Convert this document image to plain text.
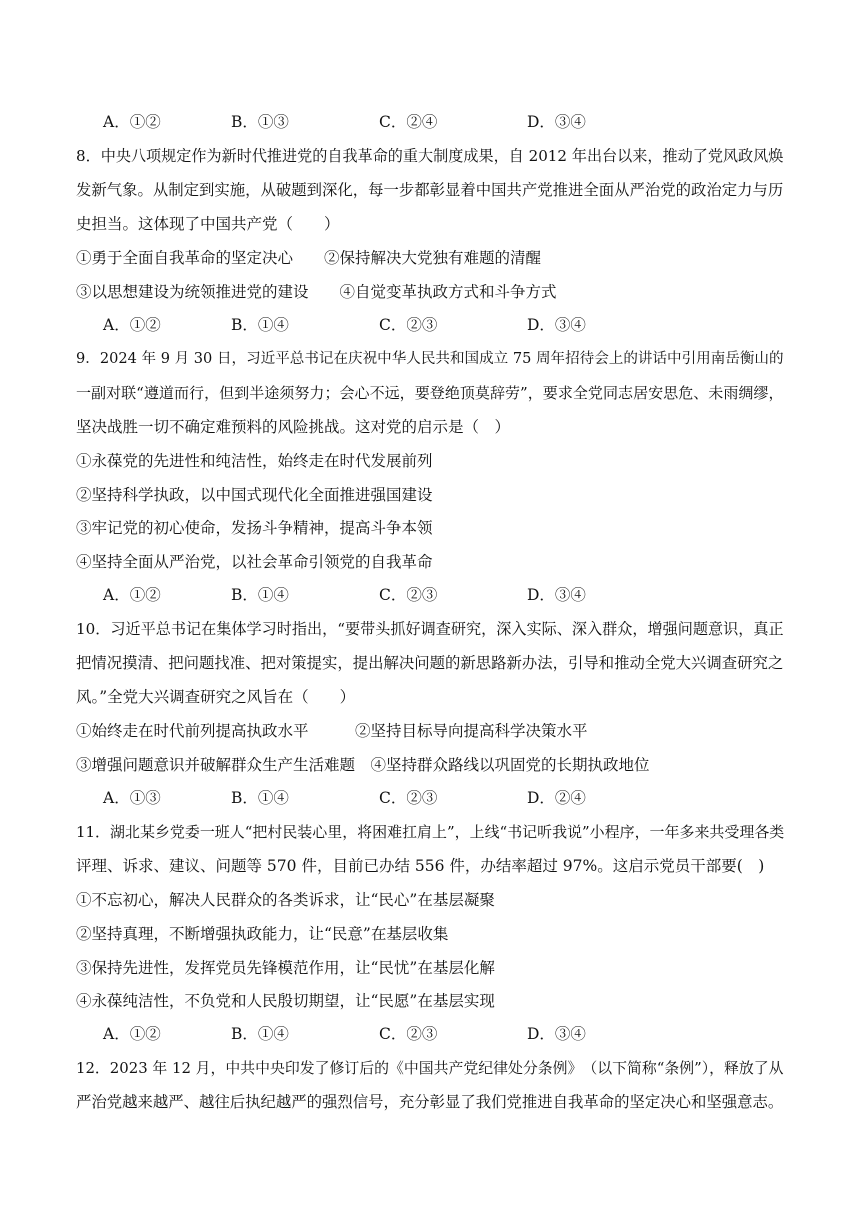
A．①②	B．①③	C．②④	D．③④
8．中央八项规定作为新时代推进党的自我革命的重大制度成果，自 2012 年出台以来，推动了党风政风焕
发新气象。从制定到实施，从破题到深化，每一步都彰显着中国共产党推进全面从严治党的政治定力与历
史担当。这体现了中国共产党（　　）
①勇于全面自我革命的坚定决心　　②保持解决大党独有难题的清醒
③以思想建设为统领推进党的建设　　④自觉变革执政方式和斗争方式
A．①②	B．①④	C．②③	D．③④
9．2024 年 9 月 30 日，习近平总书记在庆祝中华人民共和国成立 75 周年招待会上的讲话中引用南岳衡山的
一副对联“遵道而行，但到半途须努力；会心不远，要登绝顶莫辞劳”，要求全党同志居安思危、未雨绸缪，
坚决战胜一切不确定难预料的风险挑战。这对党的启示是（　）
①永葆党的先进性和纯洁性，始终走在时代发展前列
②坚持科学执政，以中国式现代化全面推进强国建设
③牢记党的初心使命，发扬斗争精神，提高斗争本领
④坚持全面从严治党，以社会革命引领党的自我革命
A．①②	B．①④	C．②③	D．③④
10．习近平总书记在集体学习时指出，“要带头抓好调查研究，深入实际、深入群众，增强问题意识，真正
把情况摸清、把问题找准、把对策提实，提出解决问题的新思路新办法，引导和推动全党大兴调查研究之
风。”全党大兴调查研究之风旨在（　　）
①始终走在时代前列提高执政水平　　　②坚持目标导向提高科学决策水平
③增强问题意识并破解群众生产生活难题　④坚持群众路线以巩固党的长期执政地位
A．①③	B．①④	C．②③	D．②④
11．湖北某乡党委一班人“把村民装心里，将困难扛肩上”，上线“书记听我说”小程序，一年多来共受理各类
评理、诉求、建议、问题等 570 件，目前已办结 556 件，办结率超过 97%。这启示党员干部要(　)
①不忘初心，解决人民群众的各类诉求，让“民心”在基层凝聚
②坚持真理，不断增强执政能力，让“民意”在基层收集
③保持先进性，发挥党员先锋模范作用，让“民忧”在基层化解
④永葆纯洁性，不负党和人民殷切期望，让“民愿”在基层实现
A．①②	B．①④	C．②③	D．③④
12．2023 年 12 月，中共中央印发了修订后的《中国共产党纪律处分条例》　（以下简称“条例”），释放了从
严治党越来越严、越往后执纪越严的强烈信号，充分彰显了我们党推进自我革命的坚定决心和坚强意志。
